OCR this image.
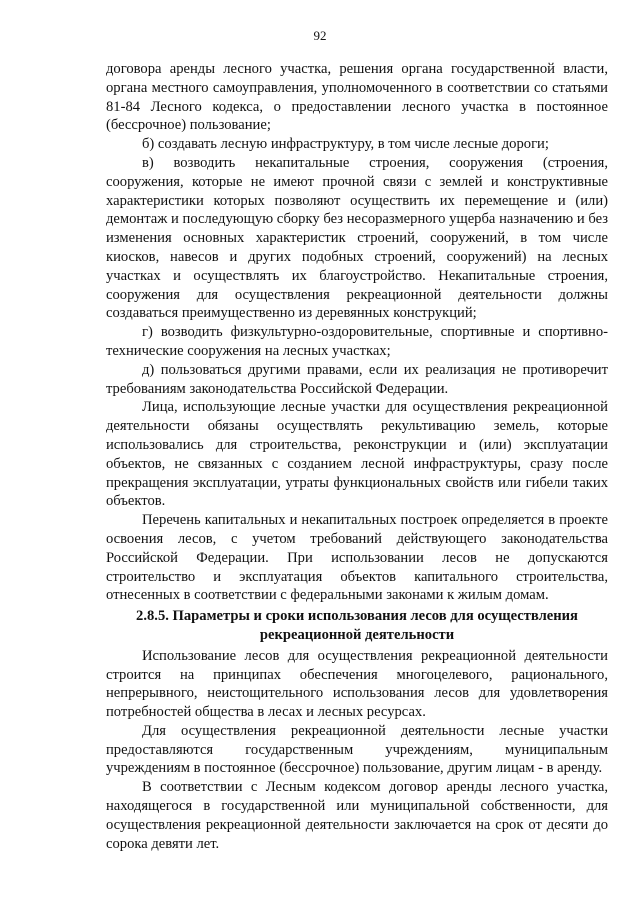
92

договора аренды лесного участка, решения органа государственной власти, органа местного самоуправления, уполномоченного в соответствии со статьями 81-84 Лесного кодекса, о предоставлении лесного участка в постоянное (бессрочное) пользование;

б) создавать лесную инфраструктуру, в том числе лесные дороги;

в) возводить некапитальные строения, сооружения (строения, сооружения, которые не имеют прочной связи с землей и конструктивные характеристики которых позволяют осуществить их перемещение и (или) демонтаж и последующую сборку без несоразмерного ущерба назначению и без изменения основных характеристик строений, сооружений, в том числе киосков, навесов и других подобных строений, сооружений) на лесных участках и осуществлять их благоустройство. Некапитальные строения, сооружения для осуществления рекреационной деятельности должны создаваться преимущественно из деревянных конструкций;

г) возводить физкультурно-оздоровительные, спортивные и спортивно-технические сооружения на лесных участках;

д) пользоваться другими правами, если их реализация не противоречит требованиям законодательства Российской Федерации.

Лица, использующие лесные участки для осуществления рекреационной деятельности обязаны осуществлять рекультивацию земель, которые использовались для строительства, реконструкции и (или) эксплуатации объектов, не связанных с созданием лесной инфраструктуры, сразу после прекращения эксплуатации, утраты функциональных свойств или гибели таких объектов.

Перечень капитальных и некапитальных построек определяется в проекте освоения лесов, с учетом требований действующего законодательства Российской Федерации. При использовании лесов не допускаются строительство и эксплуатация объектов капитального строительства, отнесенных в соответствии с федеральными законами к жилым домам.

2.8.5. Параметры и сроки использования лесов для осуществления
рекреационной деятельности

Использование лесов для осуществления рекреационной деятельности строится на принципах обеспечения многоцелевого, рационального, непрерывного, неистощительного использования лесов для удовлетворения потребностей общества в лесах и лесных ресурсах.

Для осуществления рекреационной деятельности лесные участки предоставляются государственным учреждениям, муниципальным учреждениям в постоянное (бессрочное) пользование, другим лицам - в аренду.

В соответствии с Лесным кодексом договор аренды лесного участка, находящегося в государственной или муниципальной собственности, для осуществления рекреационной деятельности заключается на срок от десяти до сорока девяти лет.
